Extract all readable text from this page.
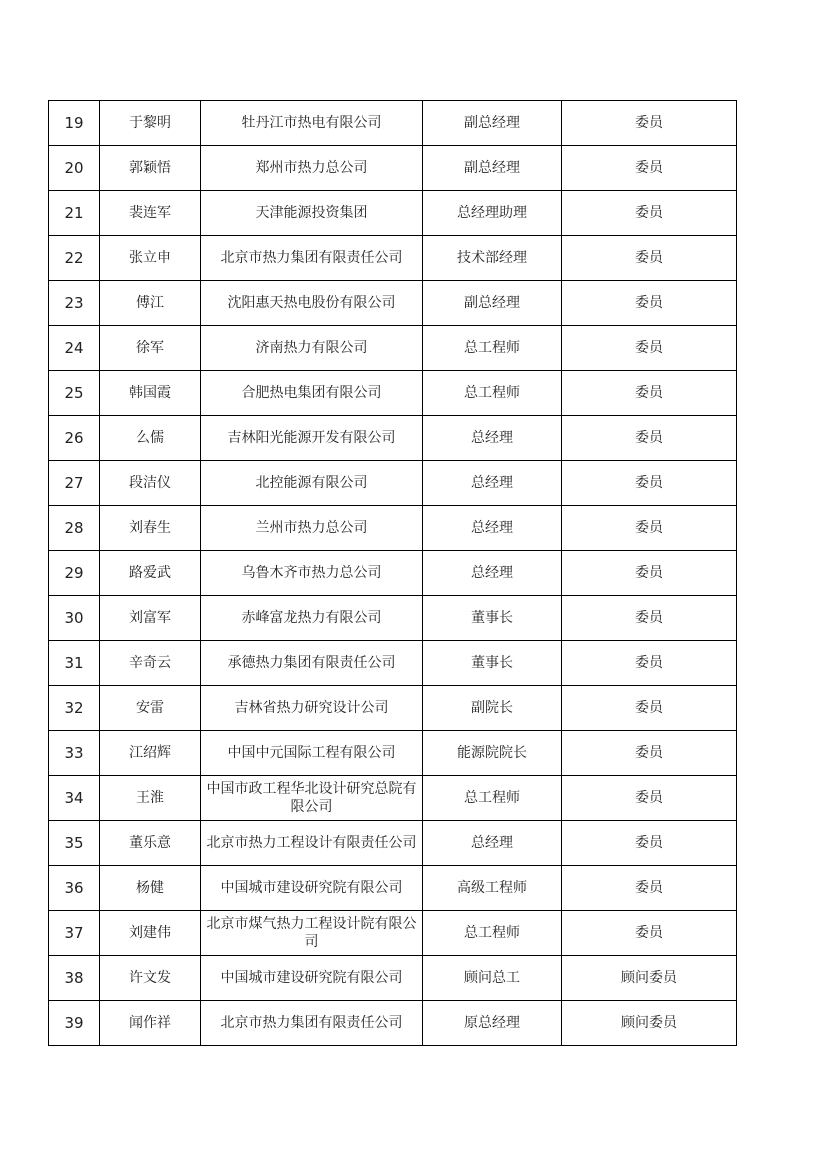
19	于黎明	牡丹江市热电有限公司	副总经理	委员
20	郭颖悟	郑州市热力总公司	副总经理	委员
21	裴连军	天津能源投资集团	总经理助理	委员
22	张立申	北京市热力集团有限责任公司	技术部经理	委员
23	傅江	沈阳惠天热电股份有限公司	副总经理	委员
24	徐军	济南热力有限公司	总工程师	委员
25	韩国霞	合肥热电集团有限公司	总工程师	委员
26	么儒	吉林阳光能源开发有限公司	总经理	委员
27	段洁仪	北控能源有限公司	总经理	委员
28	刘春生	兰州市热力总公司	总经理	委员
29	路爱武	乌鲁木齐市热力总公司	总经理	委员
30	刘富军	赤峰富龙热力有限公司	董事长	委员
31	辛奇云	承德热力集团有限责任公司	董事长	委员
32	安雷	吉林省热力研究设计公司	副院长	委员
33	江绍辉	中国中元国际工程有限公司	能源院院长	委员
34	王淮	中国市政工程华北设计研究总院有限公司	总工程师	委员
35	董乐意	北京市热力工程设计有限责任公司	总经理	委员
36	杨健	中国城市建设研究院有限公司	高级工程师	委员
37	刘建伟	北京市煤气热力工程设计院有限公司	总工程师	委员
38	许文发	中国城市建设研究院有限公司	顾问总工	顾问委员
39	闻作祥	北京市热力集团有限责任公司	原总经理	顾问委员
